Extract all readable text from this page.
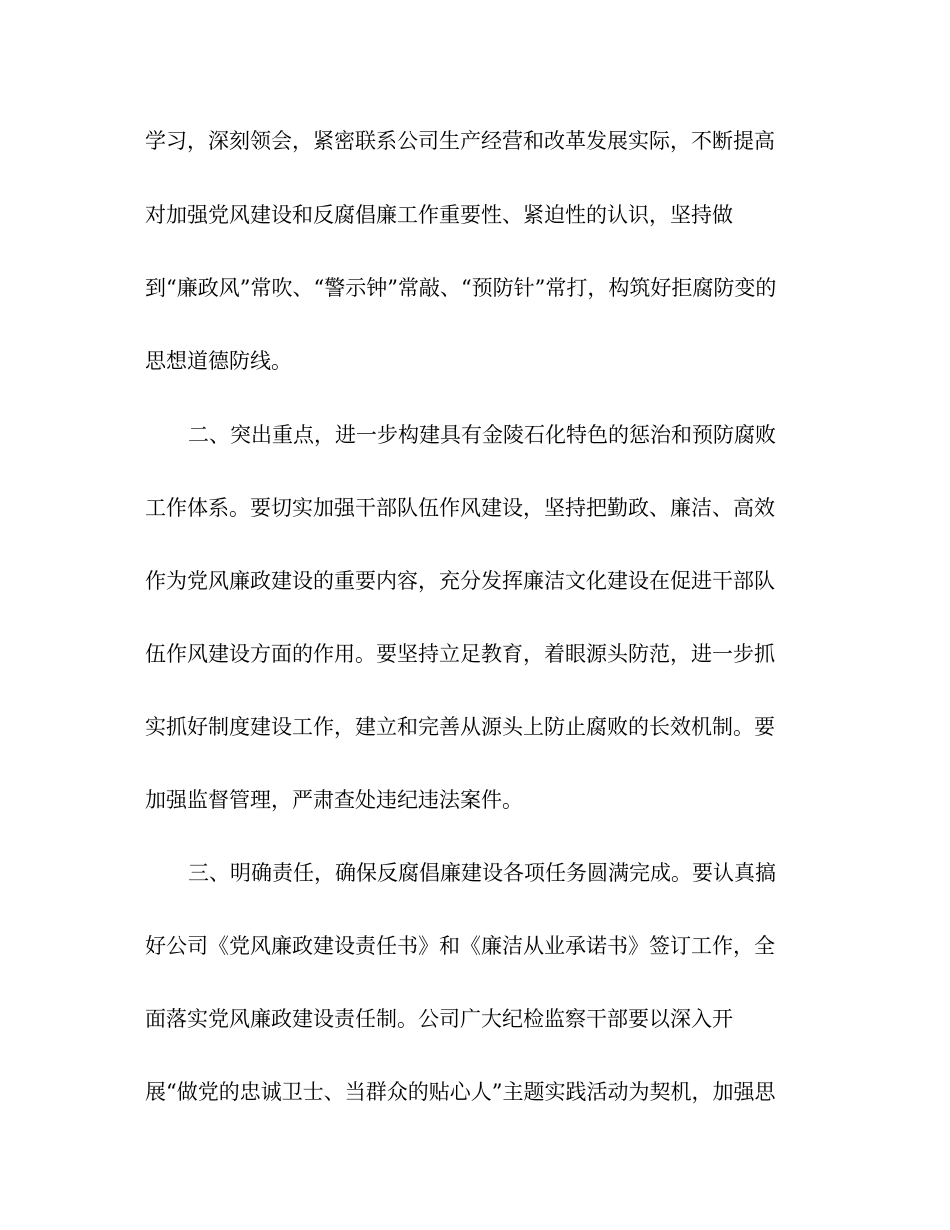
学习，深刻领会，紧密联系公司生产经营和改革发展实际，不断提高

对加强党风建设和反腐倡廉工作重要性、紧迫性的认识，坚持做

到“廉政风”常吹、“警示钟”常敲、“预防针”常打，构筑好拒腐防变的

思想道德防线。

二、突出重点，进一步构建具有金陵石化特色的惩治和预防腐败

工作体系。要切实加强干部队伍作风建设，坚持把勤政、廉洁、高效

作为党风廉政建设的重要内容，充分发挥廉洁文化建设在促进干部队

伍作风建设方面的作用。要坚持立足教育，着眼源头防范，进一步抓

实抓好制度建设工作，建立和完善从源头上防止腐败的长效机制。要

加强监督管理，严肃查处违纪违法案件。

三、明确责任，确保反腐倡廉建设各项任务圆满完成。要认真搞

好公司《党风廉政建设责任书》和《廉洁从业承诺书》签订工作，全

面落实党风廉政建设责任制。公司广大纪检监察干部要以深入开

展“做党的忠诚卫士、当群众的贴心人”主题实践活动为契机，加强思
